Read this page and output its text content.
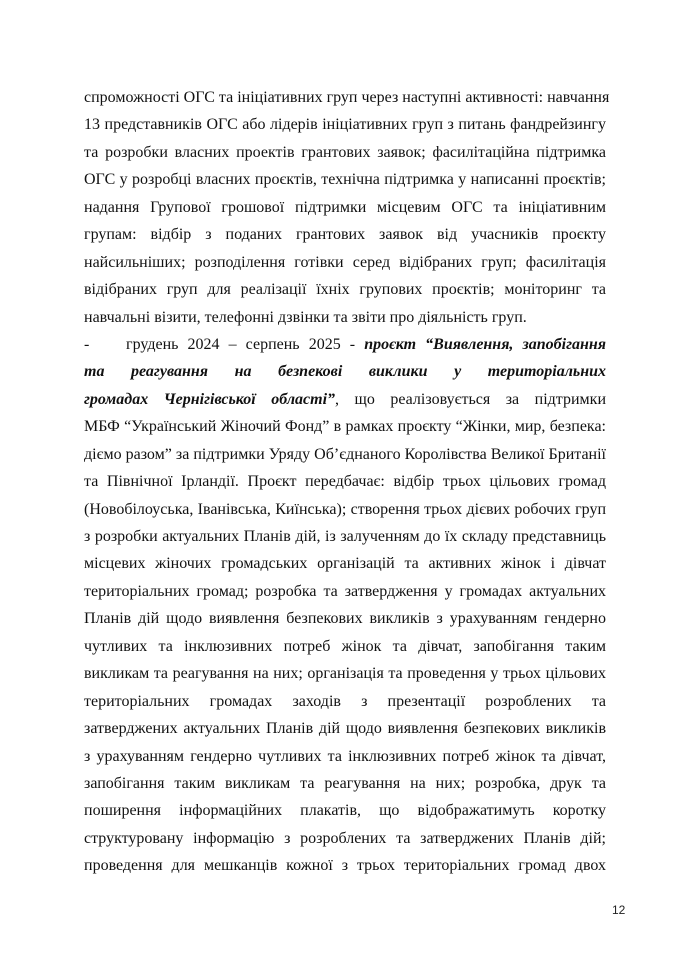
спроможності ОГС та ініціативних груп через наступні активності: навчання
13 представників ОГС або лідерів ініціативних груп з питань фандрейзингу
та розробки власних проектів грантових заявок; фасилітаційна підтримка
ОГС у розробці власних проєктів, технічна підтримка у написанні проєктів;
надання Групової грошової підтримки місцевим ОГС та ініціативним
групам: відбір з поданих грантових заявок від учасників проєкту
найсильніших; розподілення готівки серед відібраних груп; фасилітація
відібраних груп для реалізації їхніх групових проєктів; моніторинг та
навчальні візити, телефонні дзвінки та звіти про діяльність груп.
- грудень 2024 – серпень 2025 - проєкт “Виявлення, запобігання
та реагування на безпекові виклики у територіальних
громадах Чернігівської області”, що реалізовується за підтримки
МБФ “Український Жіночий Фонд” в рамках проєкту “Жінки, мир, безпека:
діємо разом” за підтримки Уряду Об’єднаного Королівства Великої Британії
та Північної Ірландії. Проєкт передбачає: відбір трьох цільових громад
(Новобілоуська, Іванівська, Киїнська); створення трьох дієвих робочих груп
з розробки актуальних Планів дій, із залученням до їх складу представниць
місцевих жіночих громадських організацій та активних жінок і дівчат
територіальних громад; розробка та затвердження у громадах актуальних
Планів дій щодо виявлення безпекових викликів з урахуванням гендерно
чутливих та інклюзивних потреб жінок та дівчат, запобігання таким
викликам та реагування на них; організація та проведення у трьох цільових
територіальних громадах заходів з презентації розроблених та
затверджених актуальних Планів дій щодо виявлення безпекових викликів
з урахуванням гендерно чутливих та інклюзивних потреб жінок та дівчат,
запобігання таким викликам та реагування на них; розробка, друк та
поширення інформаційних плакатів, що відображатимуть коротку
структуровану інформацію з розроблених та затверджених Планів дій;
проведення для мешканців кожної з трьох територіальних громад двох
12
